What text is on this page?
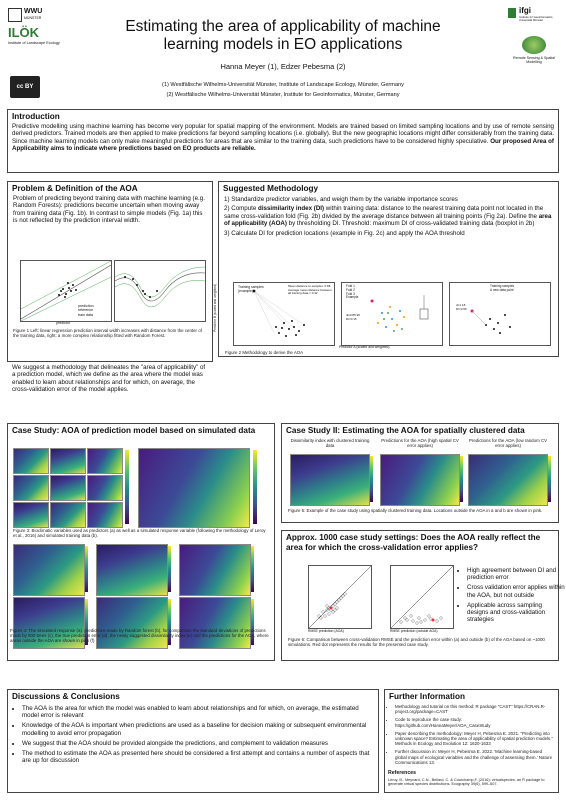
WWU
MÜNSTER
ILÖK
Institute of Landscape Ecology
cc BY
Estimating the area of applicability of machine learning models in EO applications
Hanna Meyer (1), Edzer Pebesma (2)
(1) Westfälische Wilhelms-Universität Münster, Institute of Landscape Ecology, Münster, Germany
(2) Westfälische Wilhelms-Universität Münster, Institute for Geoinformatics, Münster, Germany
ifgi
Institute for Geoinformatics, Universität Münster
Remote Sensing & Spatial Modelling
Introduction
Predictive modelling using machine learning has become very popular for spatial mapping of the environment. Models are trained based on limited sampling locations and by use of remote sensing derived predictors. Trained models are then applied to make predictions far beyond sampling locations (i.e. globally). But the new geographic locations might differ considerably from the training data. Since machine learning models can only make meaningful predictions for areas that are similar to the training data, such predictions have to be considered highly speculative. Our proposed Area of Applicability aims to indicate where predictions based on EO products are reliable.
Problem & Definition of the AOA
Problem of predicting beyond training data with machine learning (e.g. Random Forests): predictions become uncertain when moving away from training data (Fig. 1b). In contrast to simple models (Fig. 1a) this is not reflected by the prediction interval width.
prediction
reference
train data
predictor
Figure 1 Left: linear regression prediction interval width increases with distance from the center of the training data, right: a more complex relationship fitted with Random Forest.
We suggest a methodology that delineates the "area of applicability" of a prediction model, which we define as the area where the model was enabled to learn about relationships and for which, on average, the cross-validation error of the model applies.
Suggested Methodology
1) Standardize predictor variables, and weigh them by the variable importance scores
2) Compute dissimilarity index (DI) within training data: distance to the nearest training data point not located in the same cross-validation fold (Fig. 2b) divided by the average distance between all training points (Fig 2a). Define the area of applicability (AOA) by thresholding DI. Threshold: maximum DI of cross-validated training data (boxplot in 2b)
3) Calculate DI for prediction locations (example in Fig. 2c) and apply the AOA threshold
Training samples (example)
Mean distance to samples: 0.86 Average mean distance between all training data = 0.42
Fold 1
Fold 2
Fold 3
Example
dist=85.95 DI=0.15
Training samples
A new data point
d=1.18 DI=0.59
Predictor A (scaled and weighted)
Predictor B (scaled and weighted)
Figure 2 Methodology to derive the AOA
Case Study: AOA of prediction model based on simulated data
Figure 3: Bioclimatic variables used as predictors (a) as well as a simulated response variable (following the methodology of Leroy et al., 2016) and simulated training data (b).
Figure 4: The simulated response (a), predictions made by Random forest (b), for comparison the standard deviations of predictions made by 500 trees (c), the true prediction error (d), the newly suggested dissimilarity index (e) and the predictions for the AOA, where areas outside the AOA are shown in pink (f)
Case Study II: Estimating the AOA for spatially clustered data
Dissimilarity index with clustered training data
Predictions for the AOA (high spatial CV error applies)
Predictions for the AOA (low random CV error applies)
Figure 5: Example of the case study using spatially clustered training data. Locations outside the AOA in a and b are shown in pink.
Approx. 1000 case study settings: Does the AOA really reflect the area for which the cross-validation error applies?
RMSE prediction (AOA)	RMSE prediction (outside AOA)
• High agreement between DI and prediction error
• Cross validation error applies within the AOA, but not outside
• Applicable across sampling designs and cross-validation strategies
Figure 6: Comparison between cross-validation RMSE and the prediction error within (a) and outside (b) of the AOA based on ~1000 simulations. Red dot represents the results for the presented case study.
Discussions & Conclusions
• The AOA is the area for which the model was enabled to learn about relationships and for which, on average, the estimated model error is relevant
• Knowledge of the AOA is important when predictions are used as a baseline for decision making or subsequent environmental modelling to avoid error propagation
• We suggest that the AOA should be provided alongside the predictions, and complement to validation measures
• The method to estimate the AOA as presented here should be considered a first attempt and contains a number of aspects that are up for discussion
Further Information
• Methodology and tutorial on this method: R package "CAST" https://CRAN.R-project.org/package=CAST
• Code to reproduce the case study: https://github.com/HannaMeyer/AOA_CaseStudy
• Paper describing the methodology: Meyer H, Pebesma E. 2021. "Predicting into unknown space? Estimating the area of applicability of spatial prediction models." Methods in Ecology and Evolution 12: 1620-1633
• Further discussion in: Meyer H, Pebesma E. 2022. 'Machine learning-based global maps of ecological variables and the challenge of assessing them.' Nature Communications 13.
References
Leroy, B., Meynard, C.N., Bellard, C. & Courchamp,F. (2016): virtualspecies, an R package to generate virtual species distributions. Ecography 39(6), 599–607.
